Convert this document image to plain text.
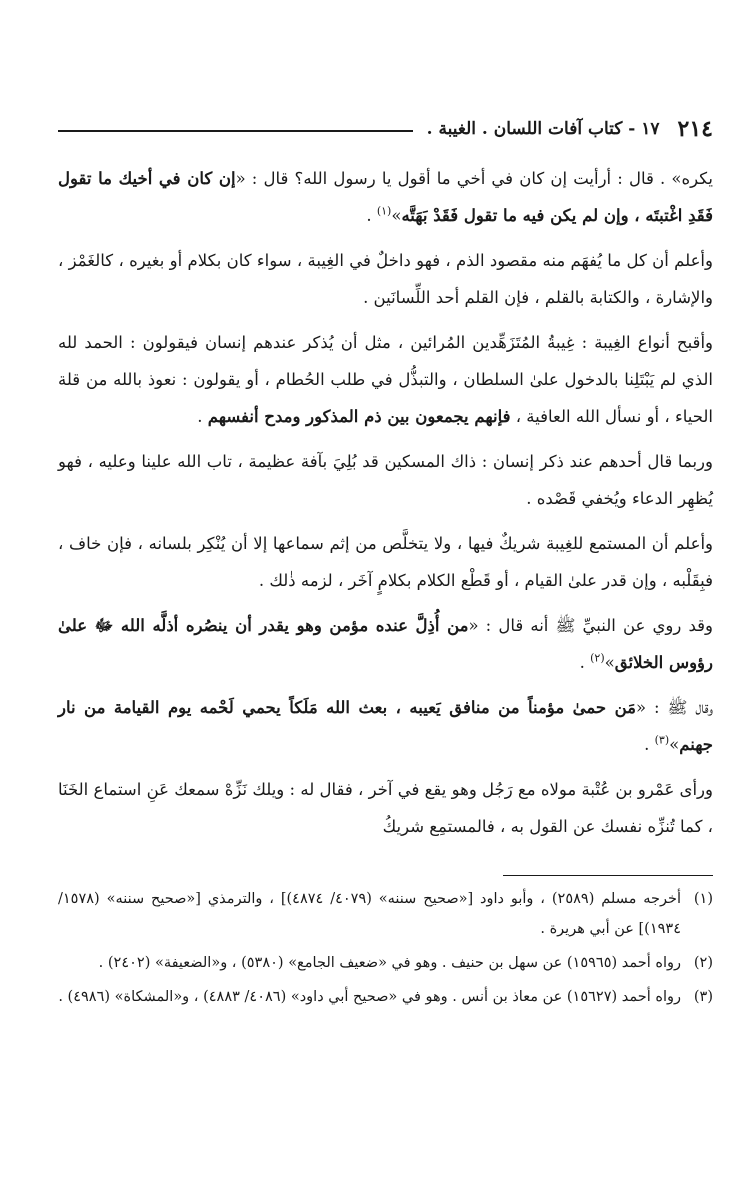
٢١٤
١٧ - كتاب آفات اللسان . الغيبة .

يكره» . قال : أرأيت إن كان في أخي ما أقول يا رسول الله؟ قال : «إن كان في أخيك ما تقول فَقَدِ اغْتبتَه ، وإن لم يكن فيه ما تقول فَقَدْ بَهَتَّه»$^{(١)}$ .

وأعلم أن كل ما يُفهَم منه مقصود الذم ، فهو داخلٌ في الغِيبة ، سواء كان بكلام أو بغيره ، كالغَمْز ، والإشارة ، والكتابة بالقلم ، فإن القلم أحد اللِّسانَين .

وأقبح أنواع الغِيبة : غِيبةُ المُتَزَهِّدين المُرائين ، مثل أن يُذكر عندهم إنسان فيقولون : الحمد لله الذي لم يَبْتَلِنا بالدخول علىٰ السلطان ، والتبذُّل في طلب الحُطام ، أو يقولون : نعوذ بالله من قلة الحياء ، أو نسأل الله العافية ، فإنهم يجمعون بين ذم المذكور ومدح أنفسهم .

وربما قال أحدهم عند ذكر إنسان : ذاك المسكين قد بُلِيَ بآفة عظيمة ، تاب الله علينا وعليه ، فهو يُظهِر الدعاء ويُخفي قَصْده .

وأعلم أن المستمع للغِيبة شريكٌ فيها ، ولا يتخلَّص من إثم سماعها إلا أن يُنْكِر بلسانه ، فإن خاف ، فبِقَلْبه ، وإن قدر علىٰ القيام ، أو قَطْع الكلام بكلامٍ آخَر ، لزمه ذٰلك .

وقد روي عن النبيِّ ﷺ أنه قال : «من أُذِلَّ عنده مؤمن وهو يقدر أن ينصُره أذلَّه الله ﷻ علىٰ رؤوس الخلائق»$^{(٢)}$ .

وقال ﷺ : «مَن حمىٰ مؤمناً من منافق يَعيبه ، بعث الله مَلَكاً يحمي لَحْمه يوم القيامة من نار جهنم»$^{(٣)}$ .

ورأى عَمْرو بن عُتْبة مولاه مع رَجُل وهو يقع في آخر ، فقال له : ويلك نَزِّهْ سمعك عَنِ استماع الخَنَا ، كما تُنزِّه نفسك عن القول به ، فالمستمِع شريكُ

(١)
أخرجه مسلم (٢٥٨٩) ، وأبو داود [«صحيح سننه» (٤٠٧٩/ ٤٨٧٤)] ، والترمذي [«صحيح سننه» (١٥٧٨/ ١٩٣٤)] عن أبي هريرة .
(٢)
رواه أحمد (١٥٩٦٥) عن سهل بن حنيف . وهو في «ضعيف الجامع» (٥٣٨٠) ، و«الضعيفة» (٢٤٠٢) .
(٣)
رواه أحمد (١٥٦٢٧) عن معاذ بن أنس . وهو في «صحيح أبي داود» (٤٠٨٦/ ٤٨٨٣) ، و«المشكاة» (٤٩٨٦) .
